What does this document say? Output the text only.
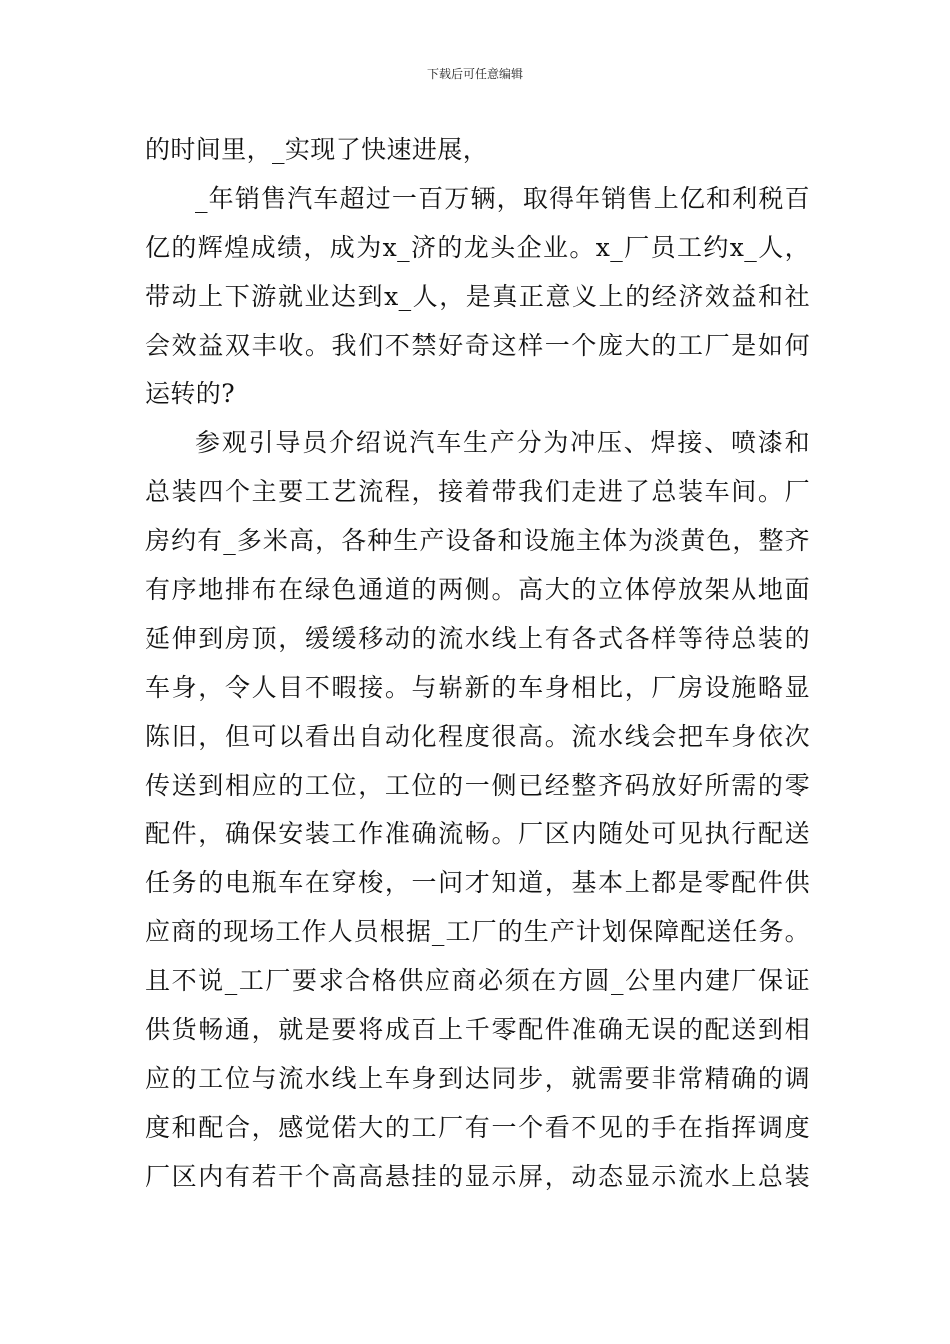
下载后可任意编辑
的时间里，_实现了快速进展，
_年销售汽车超过一百万辆，取得年销售上亿和利税百
亿的辉煌成绩，成为x_济的龙头企业。x_厂员工约x_人，
带动上下游就业达到x_人，是真正意义上的经济效益和社
会效益双丰收。我们不禁好奇这样一个庞大的工厂是如何
运转的?
参观引导员介绍说汽车生产分为冲压、焊接、喷漆和
总装四个主要工艺流程，接着带我们走进了总装车间。厂
房约有_多米高，各种生产设备和设施主体为淡黄色，整齐
有序地排布在绿色通道的两侧。高大的立体停放架从地面
延伸到房顶，缓缓移动的流水线上有各式各样等待总装的
车身，令人目不暇接。与崭新的车身相比，厂房设施略显
陈旧，但可以看出自动化程度很高。流水线会把车身依次
传送到相应的工位，工位的一侧已经整齐码放好所需的零
配件，确保安装工作准确流畅。厂区内随处可见执行配送
任务的电瓶车在穿梭，一问才知道，基本上都是零配件供
应商的现场工作人员根据_工厂的生产计划保障配送任务。
且不说_工厂要求合格供应商必须在方圆_公里内建厂保证
供货畅通，就是要将成百上千零配件准确无误的配送到相
应的工位与流水线上车身到达同步，就需要非常精确的调
度和配合，感觉偌大的工厂有一个看不见的手在指挥调度
厂区内有若干个高高悬挂的显示屏，动态显示流水上总装
